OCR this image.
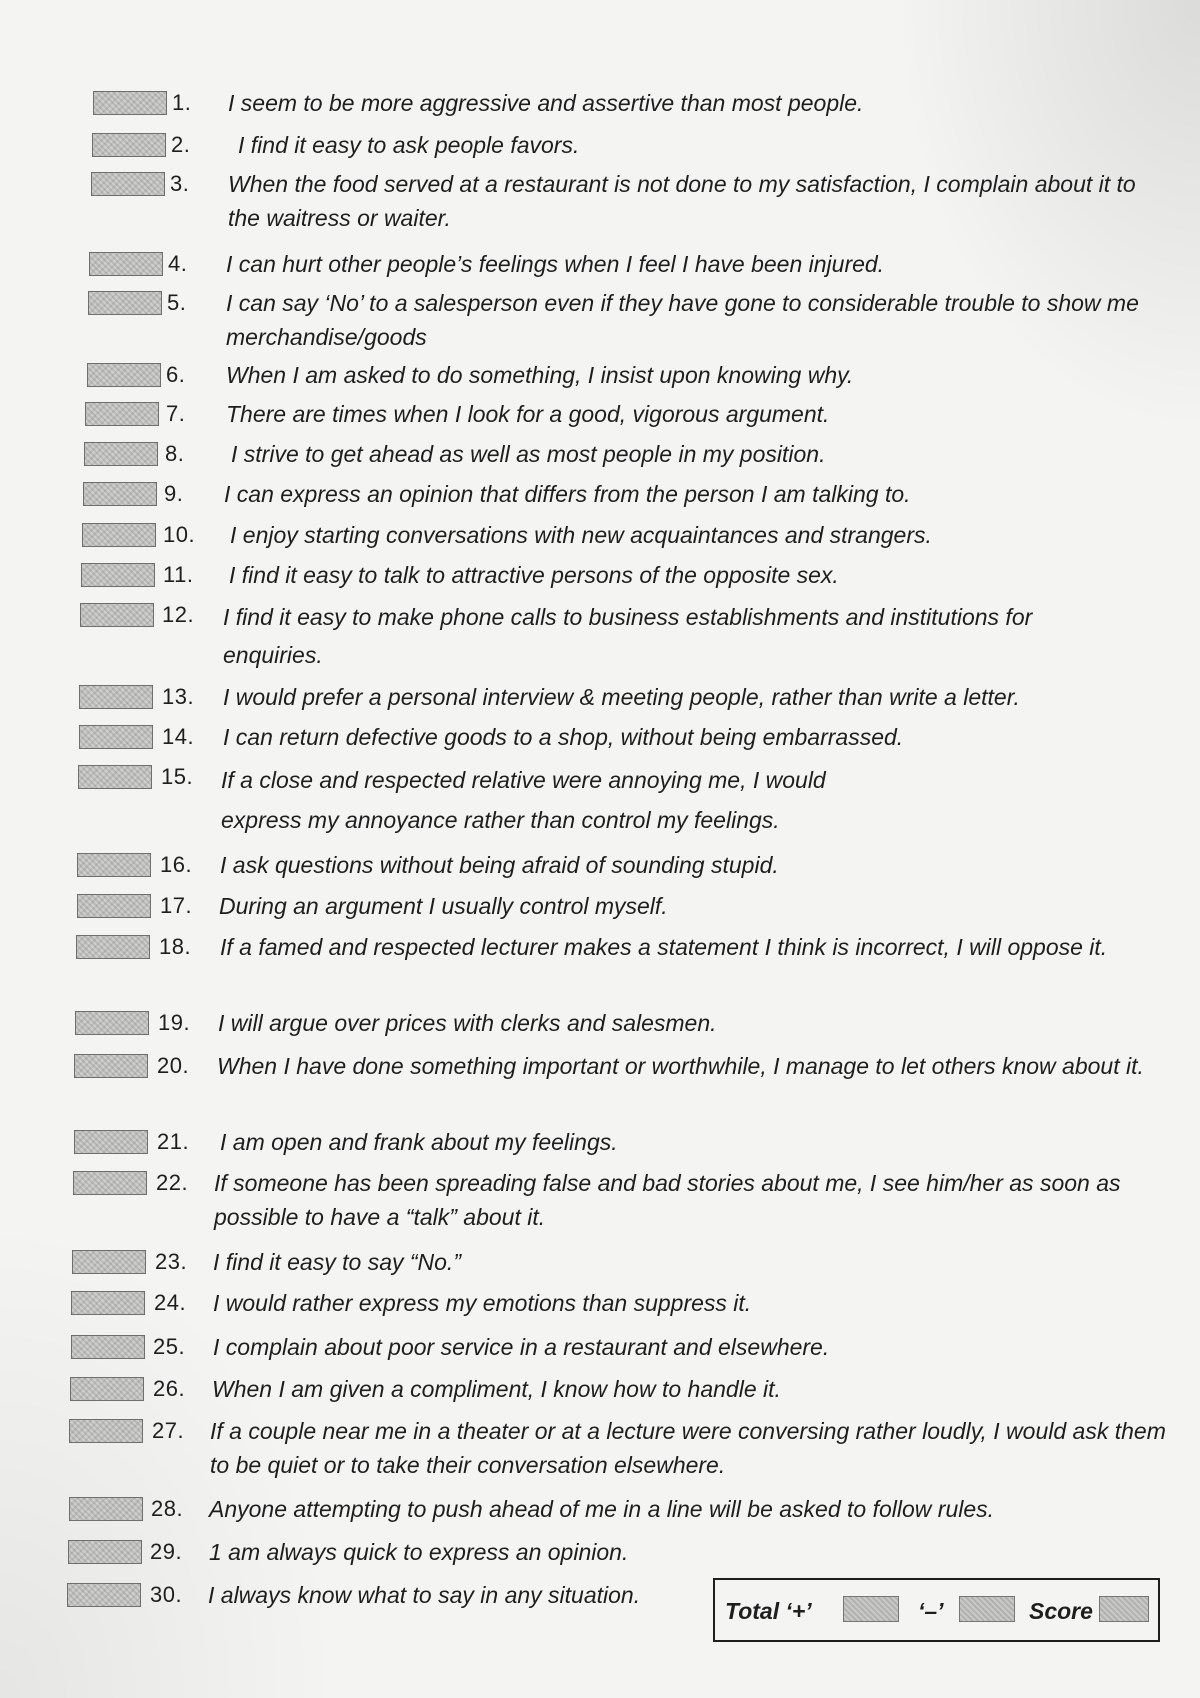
1. I seem to be more aggressive and assertive than most people.
2. I find it easy to ask people favors.
3. When the food served at a restaurant is not done to my satisfaction, I complain about it to the waitress or waiter.
4. I can hurt other people’s feelings when I feel I have been injured.
5. I can say ‘No’ to a salesperson even if they have gone to considerable trouble to show me merchandise/goods
6. When I am asked to do something, I insist upon knowing why.
7. There are times when I look for a good, vigorous argument.
8. I strive to get ahead as well as most people in my position.
9. I can express an opinion that differs from the person I am talking to.
10. I enjoy starting conversations with new acquaintances and strangers.
11. I find it easy to talk to attractive persons of the opposite sex.
12. I find it easy to make phone calls to business establishments and institutions for enquiries.
13. I would prefer a personal interview & meeting people, rather than write a letter.
14. I can return defective goods to a shop, without being embarrassed.
15. If a close and respected relative were annoying me, I would express my annoyance rather than control my feelings.
16. I ask questions without being afraid of sounding stupid.
17. During an argument I usually control myself.
18. If a famed and respected lecturer makes a statement I think is incorrect, I will oppose it.
19. I will argue over prices with clerks and salesmen.
20. When I have done something important or worthwhile, I manage to let others know about it.
21. I am open and frank about my feelings.
22. If someone has been spreading false and bad stories about me, I see him/her as soon as possible to have a “talk” about it.
23. I find it easy to say “No.”
24. I would rather express my emotions than suppress it.
25. I complain about poor service in a restaurant and elsewhere.
26. When I am given a compliment, I know how to handle it.
27. If a couple near me in a theater or at a lecture were conversing rather loudly, I would ask them to be quiet or to take their conversation elsewhere.
28. Anyone attempting to push ahead of me in a line will be asked to follow rules.
29. 1 am always quick to express an opinion.
30. I always know what to say in any situation.
Total ‘+’	‘–’	Score
